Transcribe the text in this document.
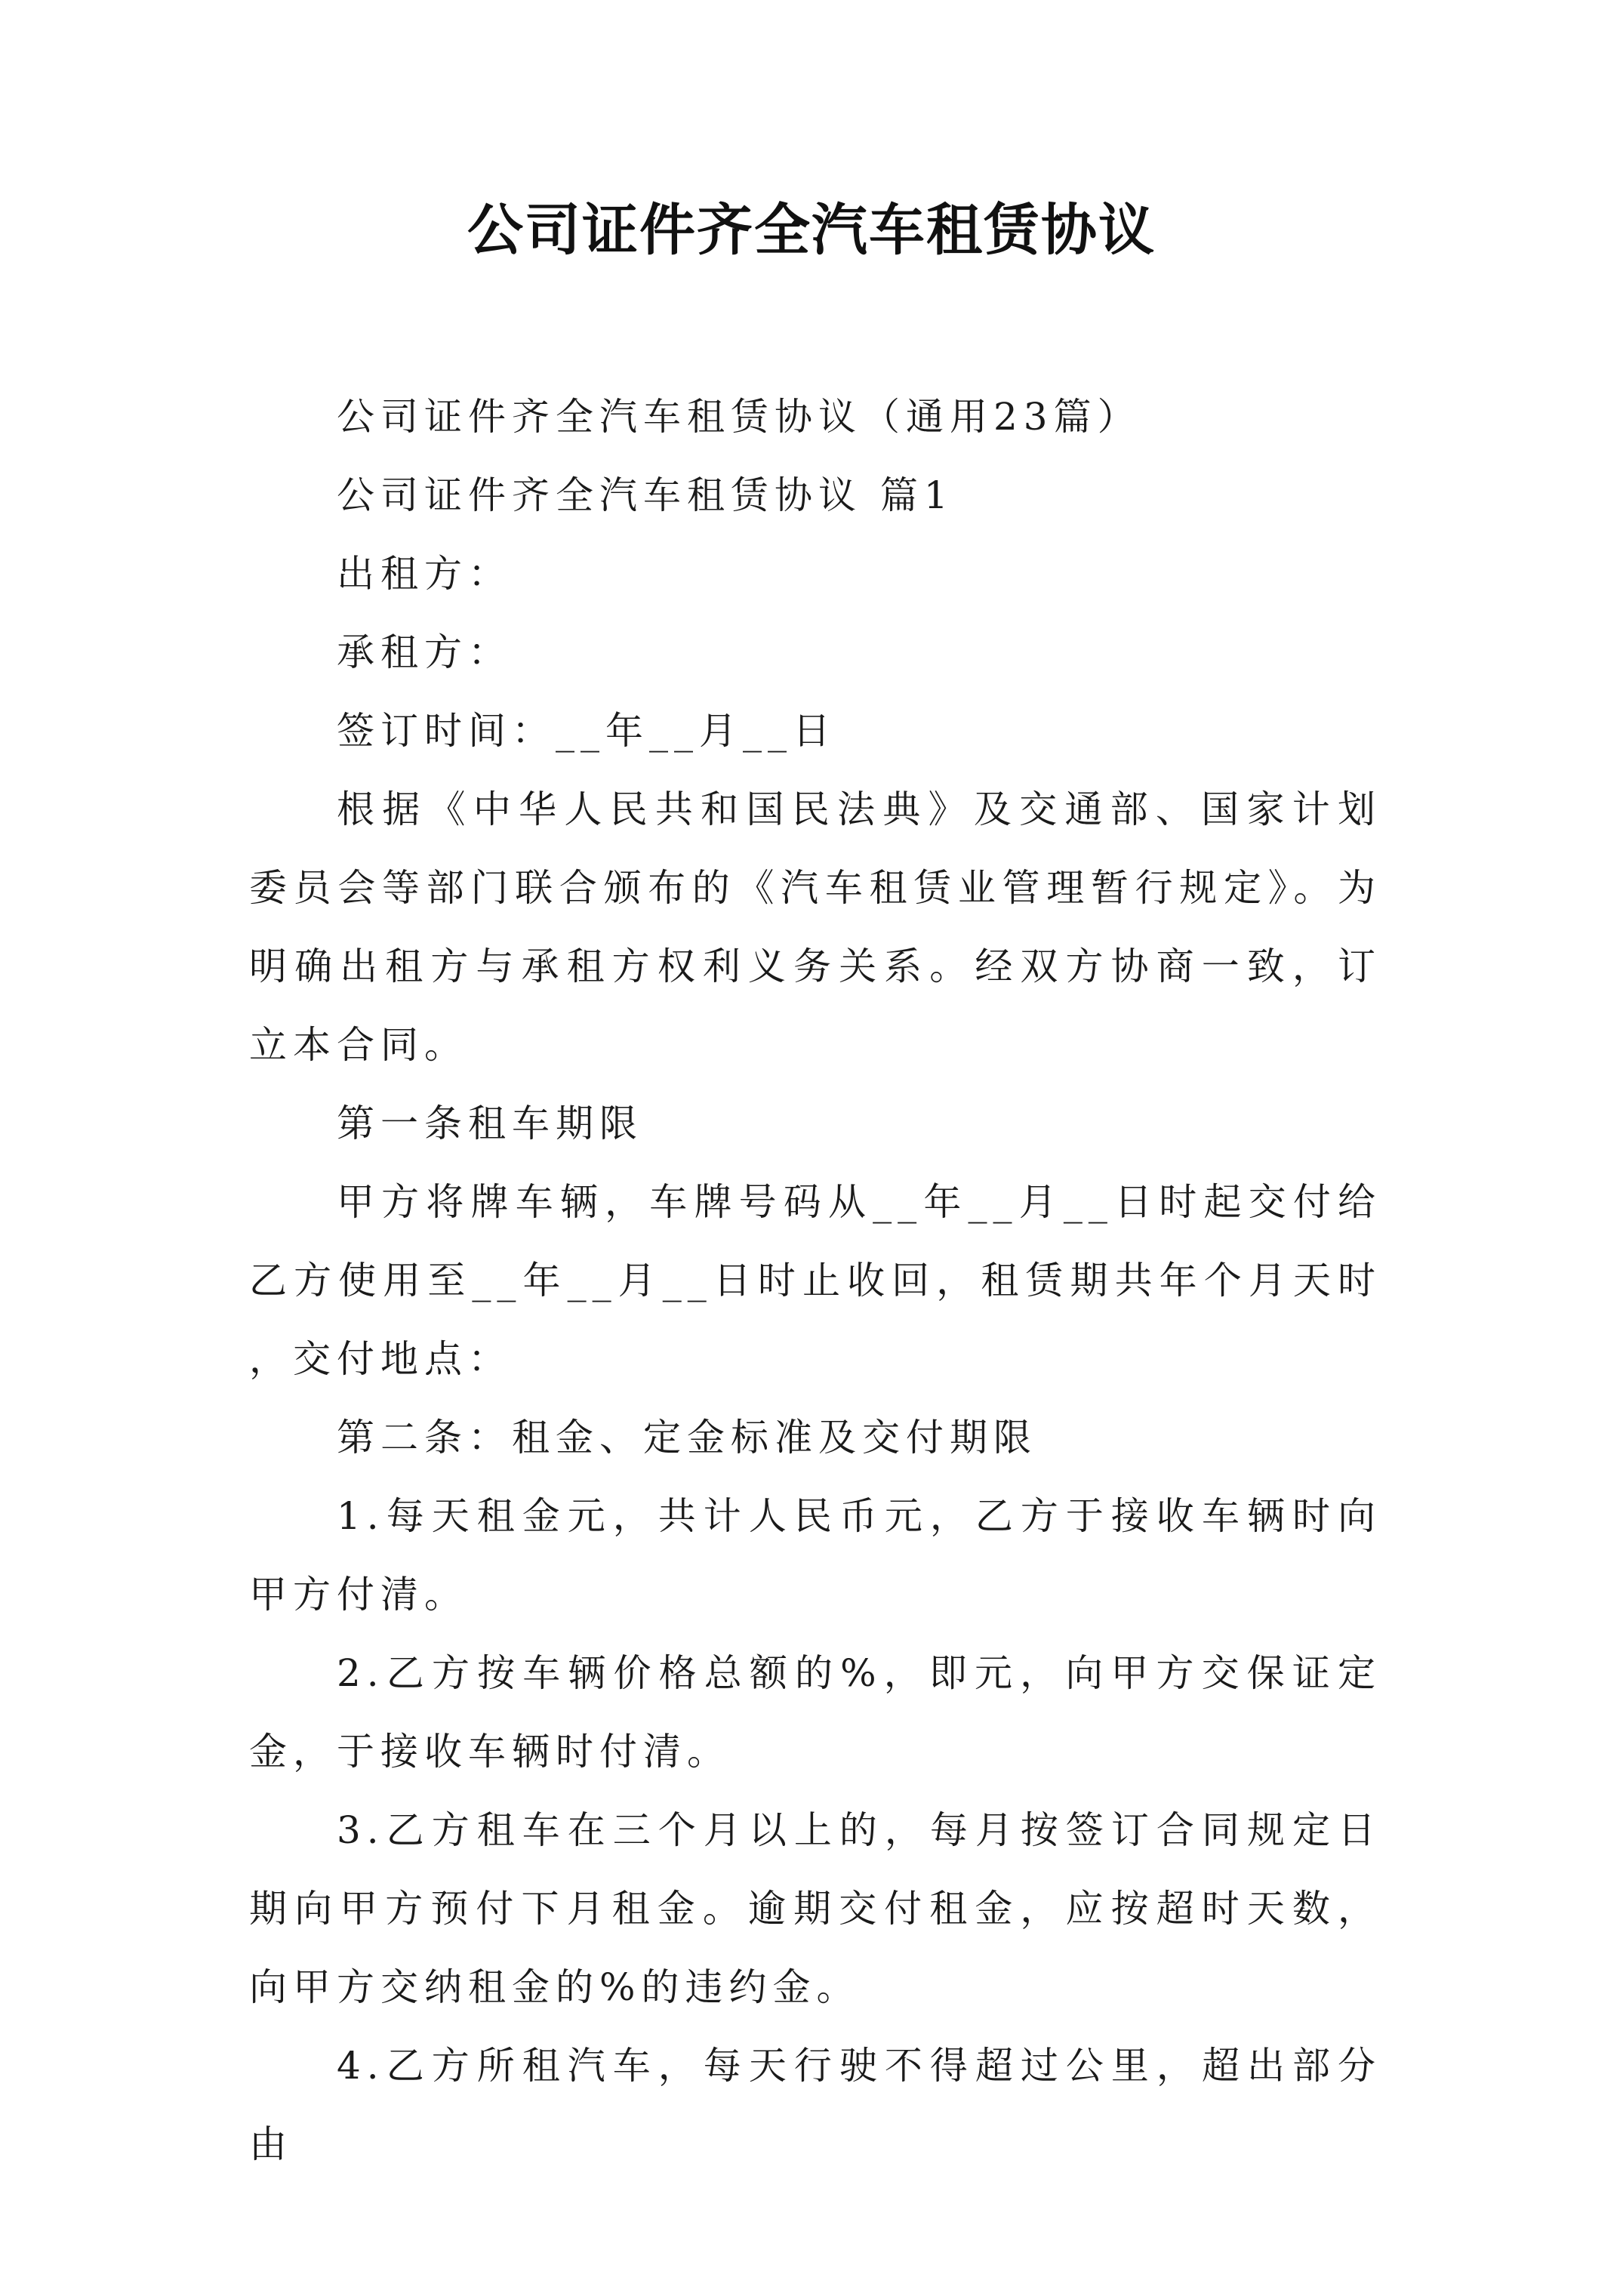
公司证件齐全汽车租赁协议

公司证件齐全汽车租赁协议（通用23篇）

公司证件齐全汽车租赁协议 篇1

出租方：

承租方：

签订时间：__年__月__日

根据《中华人民共和国民法典》及交通部、国家计划委员会等部门联合颁布的《汽车租赁业管理暂行规定》。为明确出租方与承租方权利义务关系。经双方协商一致，订立本合同。

第一条租车期限

甲方将牌车辆，车牌号码从__年__月__日时起交付给乙方使用至__年__月__日时止收回，租赁期共年个月天时，交付地点：

第二条：租金、定金标准及交付期限

1.每天租金元，共计人民币元，乙方于接收车辆时向甲方付清。

2.乙方按车辆价格总额的%，即元，向甲方交保证定金，于接收车辆时付清。

3.乙方租车在三个月以上的，每月按签订合同规定日期向甲方预付下月租金。逾期交付租金，应按超时天数，向甲方交纳租金的%的违约金。

4.乙方所租汽车，每天行驶不得超过公里，超出部分由
